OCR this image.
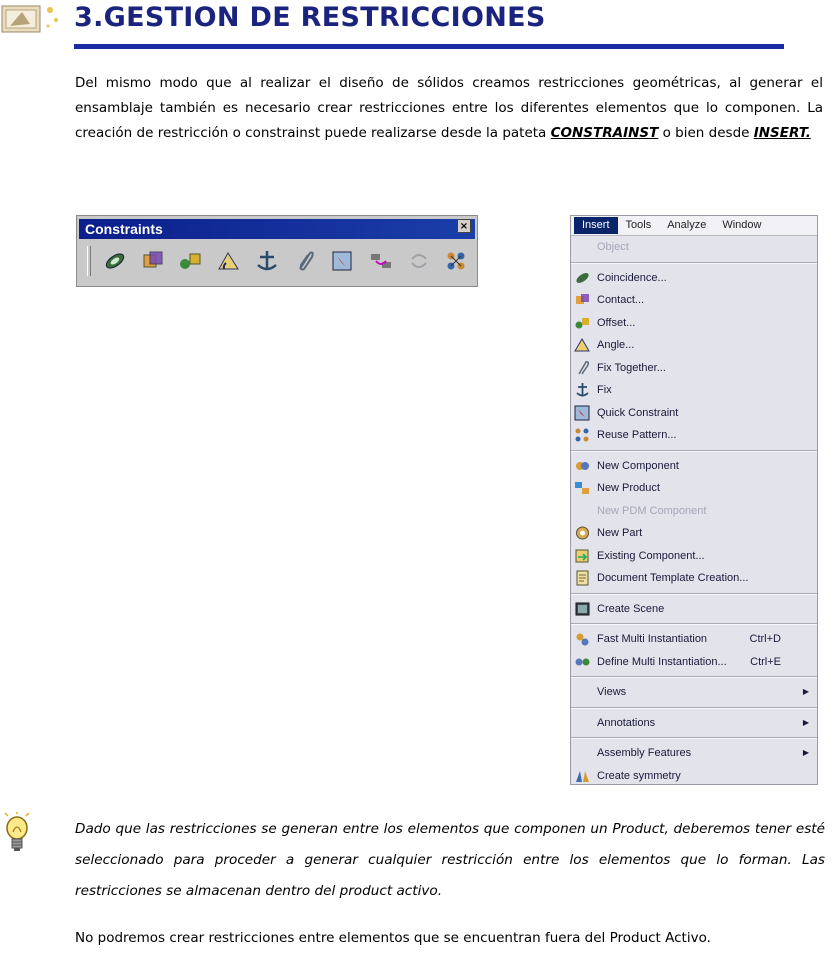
3.GESTION DE RESTRICCIONES

Del mismo modo que al realizar el diseño de sólidos creamos restricciones geométricas, al generar el ensamblaje también es necesario crear restricciones entre los diferentes elementos que lo componen. La creación de restricción o constrainst puede realizarse desde la pateta CONSTRAINST o bien desde INSERT.

Constraints	×	Insert	Tools	Analyze	Window
Object
Coincidence...
Contact...
Offset...
Angle...
Fix Together...
Fix
Quick Constraint
Reuse Pattern...
New Component
New Product
New PDM Component
New Part
Existing Component...
Document Template Creation...
Create Scene
Fast Multi Instantiation	Ctrl+D
Define Multi Instantiation... Ctrl+E
Views	▶
Annotations	▶
Assembly Features	▶
Create symmetry

Dado que las restricciones se generan entre los elementos que componen un Product, deberemos tener esté seleccionado para proceder a generar cualquier restricción entre los elementos que lo forman. Las restricciones se almacenan dentro del product activo.

No podremos crear restricciones entre elementos que se encuentran fuera del Product Activo.
